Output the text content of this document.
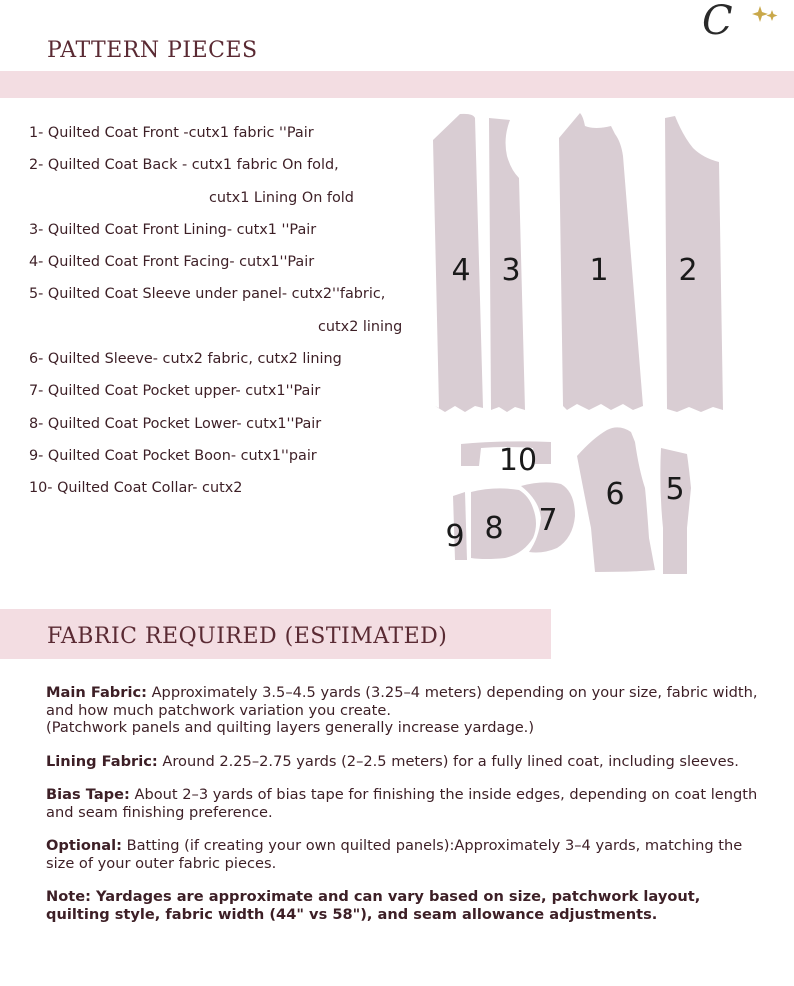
C
PATTERN PIECES
1- Quilted Coat Front -cutx1 fabric ''Pair
2- Quilted Coat Back - cutx1 fabric On fold,
cutx1 Lining On fold
3- Quilted Coat Front Lining- cutx1 ''Pair
4- Quilted Coat Front Facing- cutx1''Pair
5- Quilted Coat Sleeve under panel- cutx2''fabric,
cutx2 lining
6- Quilted Sleeve- cutx2 fabric, cutx2 lining
7- Quilted Coat Pocket upper- cutx1''Pair
8- Quilted Coat Pocket Lower- cutx1''Pair
9- Quilted Coat Pocket Boon- cutx1''pair
10- Quilted Coat Collar- cutx2
4 3 1 2
10
9 8 7
6 5
FABRIC REQUIRED (ESTIMATED)

Main Fabric: Approximately 3.5–4.5 yards (3.25–4 meters) depending on your size, fabric width, and how much patchwork variation you create.
(Patchwork panels and quilting layers generally increase yardage.)

Lining Fabric: Around 2.25–2.75 yards (2–2.5 meters) for a fully lined coat, including sleeves.

Bias Tape: About 2–3 yards of bias tape for finishing the inside edges, depending on coat length and seam finishing preference.

Optional: Batting (if creating your own quilted panels):Approximately 3–4 yards, matching the size of your outer fabric pieces.

Note: Yardages are approximate and can vary based on size, patchwork layout, quilting style, fabric width (44" vs 58"), and seam allowance adjustments.
